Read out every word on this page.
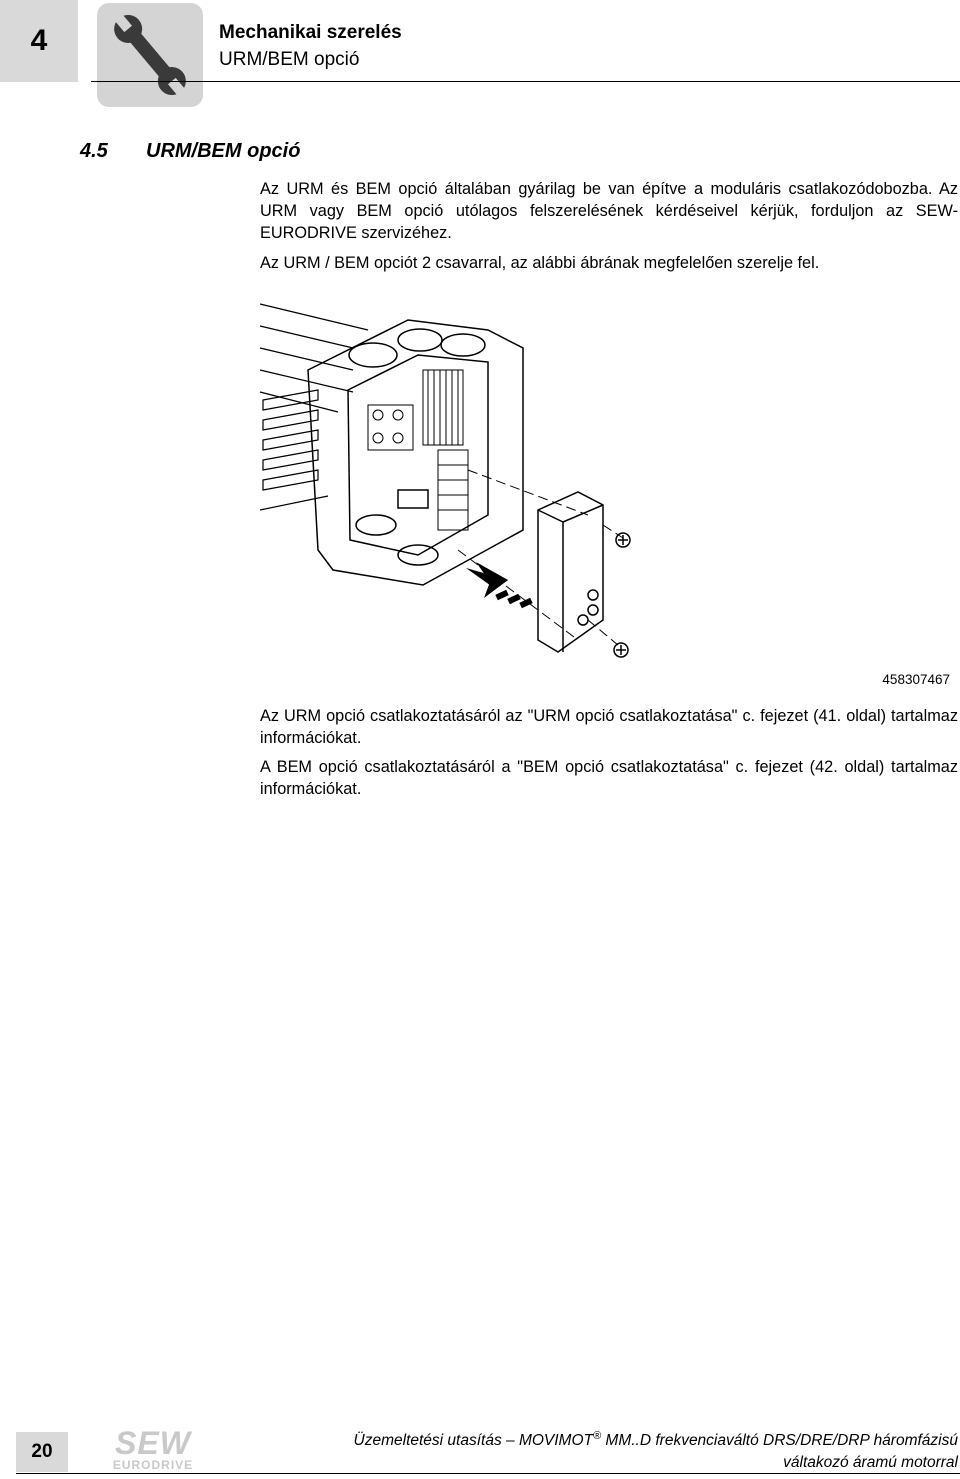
4	Mechanikai szerelés
URM/BEM opció
4.5 URM/BEM opció

Az URM és BEM opció általában gyárilag be van építve a moduláris csatlakozódobozba. Az URM vagy BEM opció utólagos felszerelésének kérdéseivel kérjük, forduljon az SEW-EURODRIVE szervizéhez.

Az URM / BEM opciót 2 csavarral, az alábbi ábrának megfelelően szerelje fel.

458307467

Az URM opció csatlakoztatásáról az "URM opció csatlakoztatása" c. fejezet (41. oldal) tartalmaz információkat.

A BEM opció csatlakoztatásáról a "BEM opció csatlakoztatása" c. fejezet (42. oldal) tartalmaz információkat.

20	SEW
EURODRIVE
Üzemeltetési utasítás – MOVIMOT® MM..D frekvenciaváltó DRS/DRE/DRP háromfázisú
váltakozó áramú motorral
